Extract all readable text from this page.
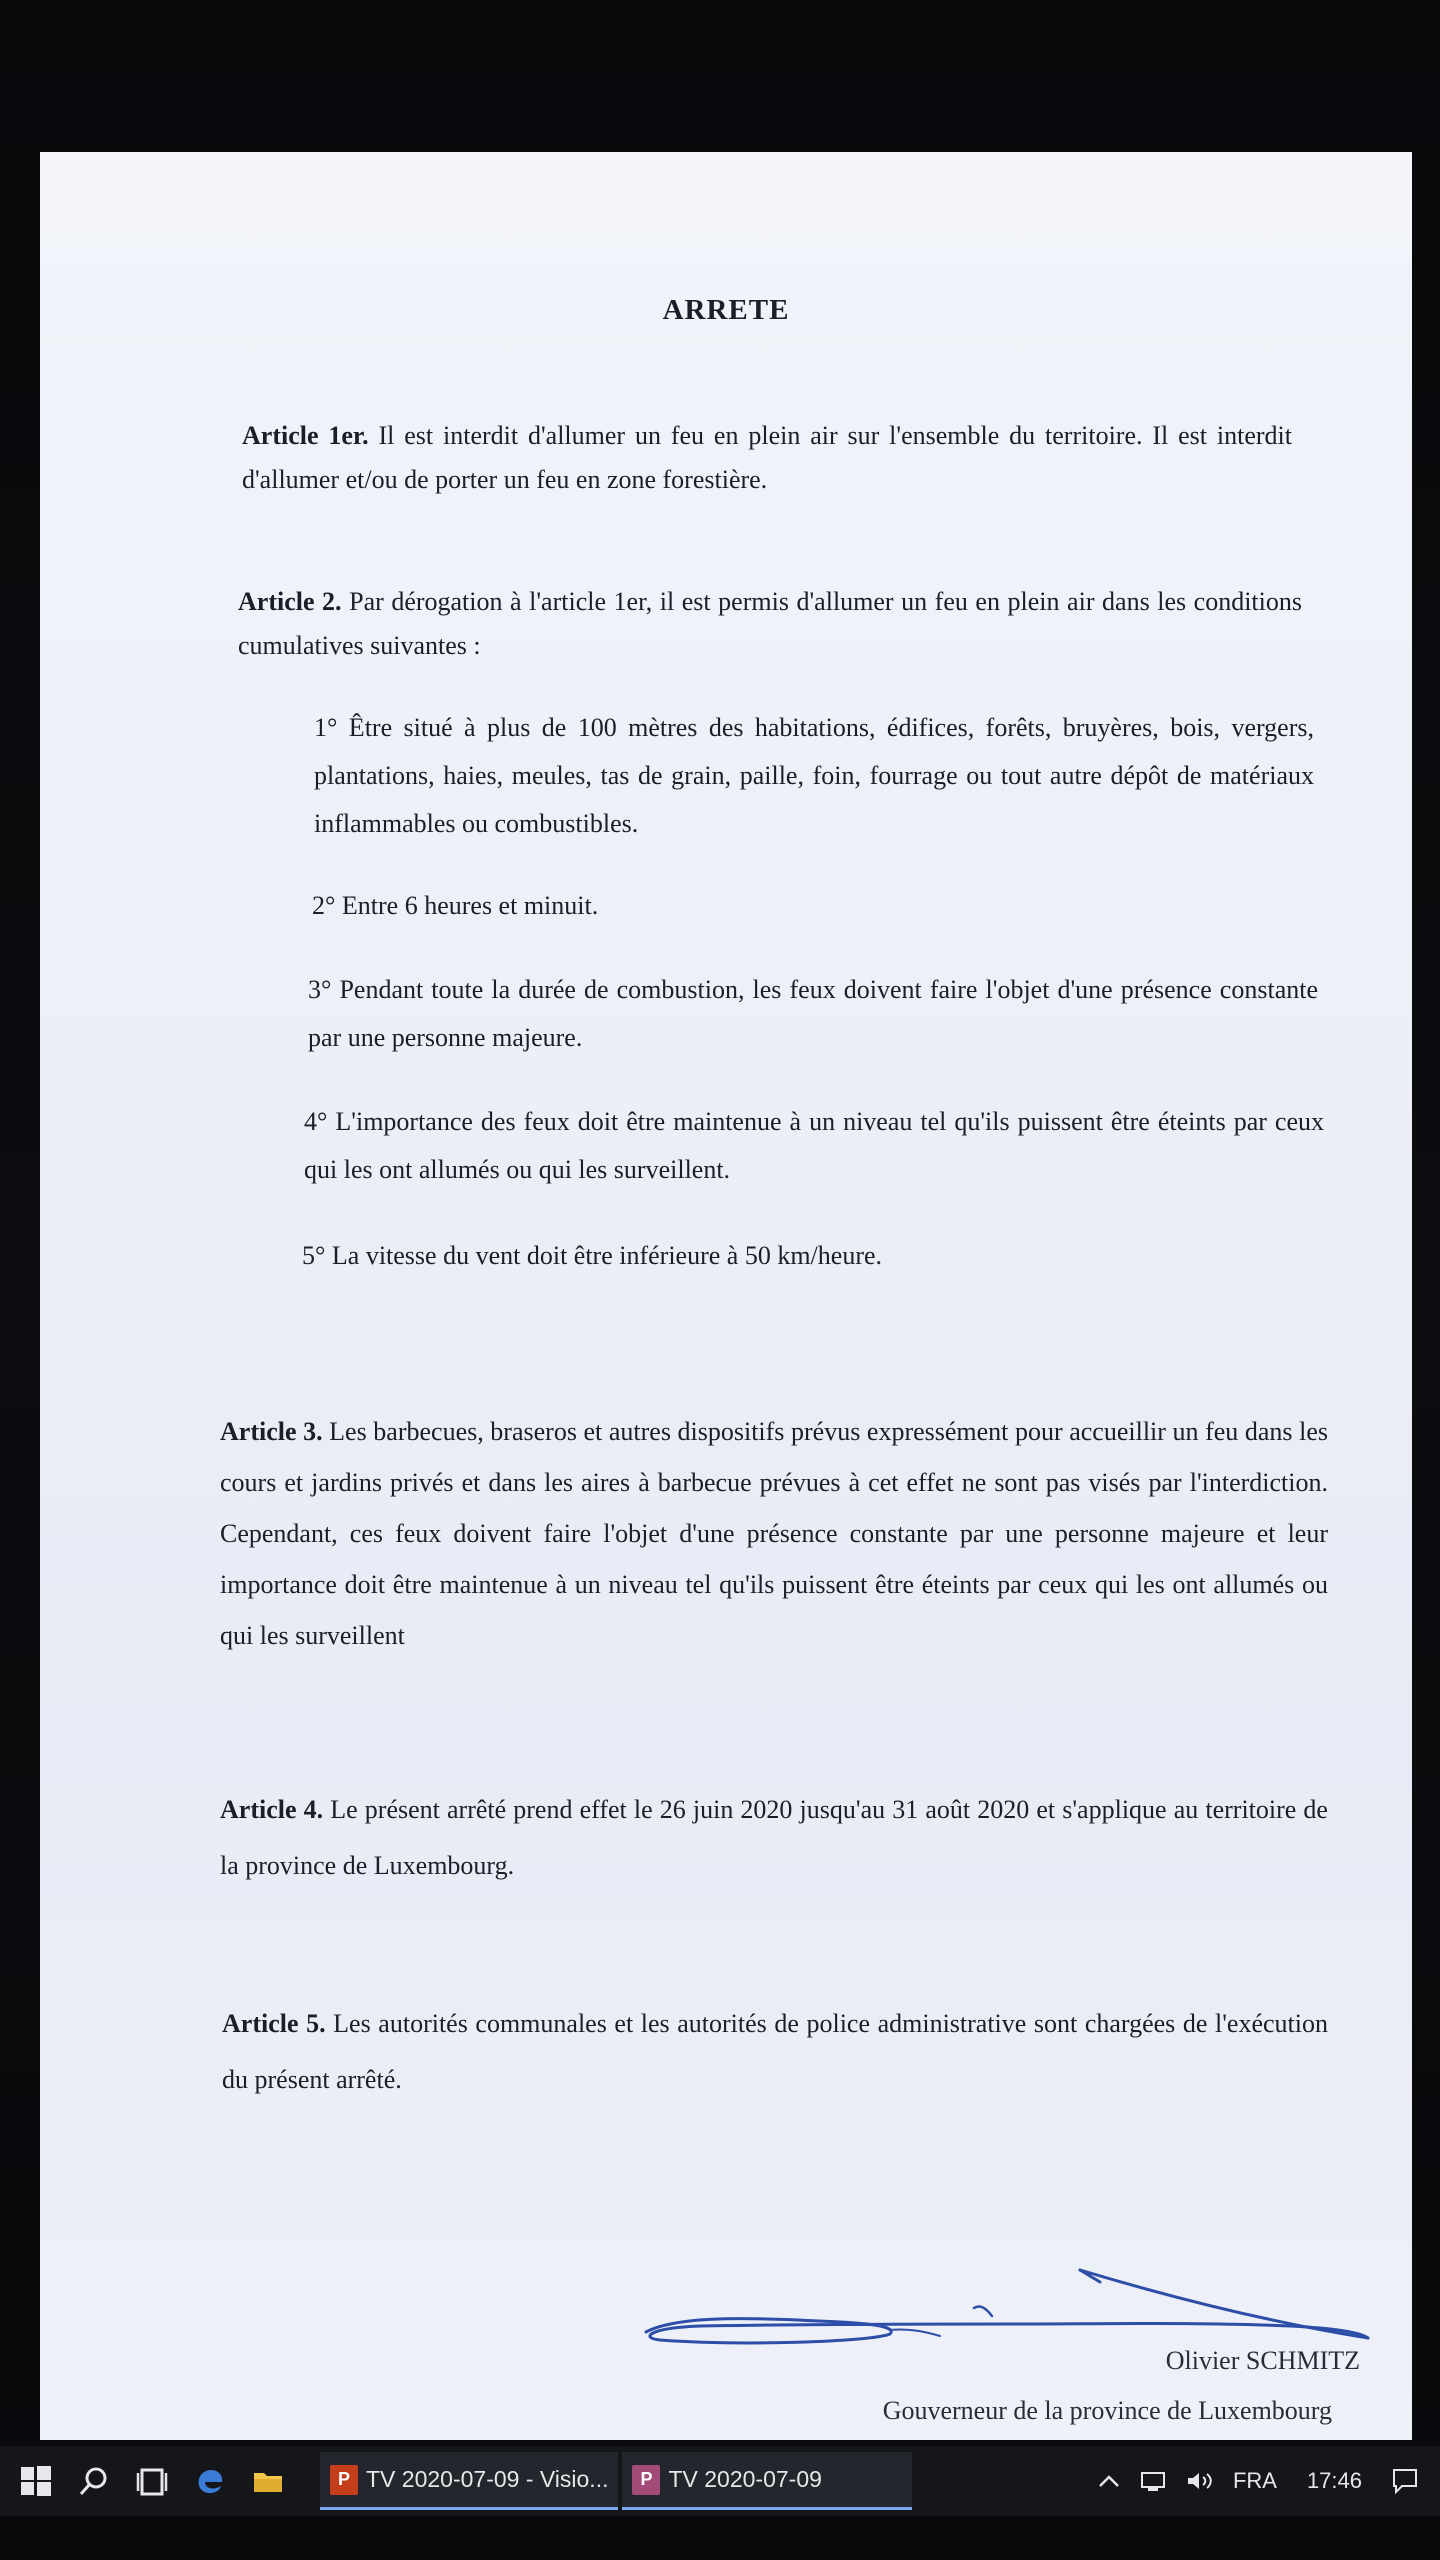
ARRETE

Article 1er. Il est interdit d'allumer un feu en plein air sur l'ensemble du territoire. Il est interdit d'allumer et/ou de porter un feu en zone forestière.

Article 2. Par dérogation à l'article 1er, il est permis d'allumer un feu en plein air dans les conditions cumulatives suivantes :

1° Être situé à plus de 100 mètres des habitations, édifices, forêts, bruyères, bois, vergers, plantations, haies, meules, tas de grain, paille, foin, fourrage ou tout autre dépôt de matériaux inflammables ou combustibles.

2° Entre 6 heures et minuit.

3° Pendant toute la durée de combustion, les feux doivent faire l'objet d'une présence constante par une personne majeure.

4° L'importance des feux doit être maintenue à un niveau tel qu'ils puissent être éteints par ceux qui les ont allumés ou qui les surveillent.

5° La vitesse du vent doit être inférieure à 50 km/heure.

Article 3. Les barbecues, braseros et autres dispositifs prévus expressément pour accueillir un feu dans les cours et jardins privés et dans les aires à barbecue prévues à cet effet ne sont pas visés par l'interdiction. Cependant, ces feux doivent faire l'objet d'une présence constante par une personne majeure et leur importance doit être maintenue à un niveau tel qu'ils puissent être éteints par ceux qui les ont allumés ou qui les surveillent

Article 4. Le présent arrêté prend effet le 26 juin 2020 jusqu'au 31 août 2020 et s'applique au territoire de la province de Luxembourg.

Article 5. Les autorités communales et les autorités de police administrative sont chargées de l'exécution du présent arrêté.

Olivier SCHMITZ
Gouverneur de la province de Luxembourg
P TV 2020-07-09 - Visio...	P TV 2020-07-09	FRA 17:46
